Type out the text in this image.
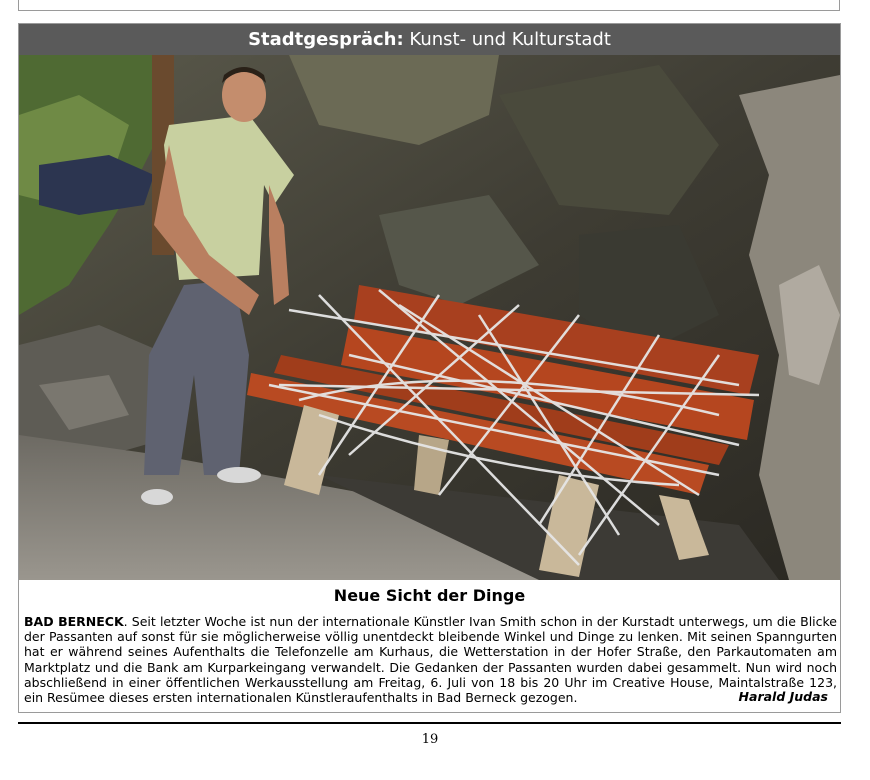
Stadtgespräch: Kunst- und Kulturstadt
Neue Sicht der Dinge

BAD BERNECK. Seit letzter Woche ist nun der internationale Künstler Ivan Smith schon in der Kurstadt unterwegs, um die Blicke der Passanten auf sonst für sie möglicherweise völlig unentdeckt bleibende Winkel und Dinge zu lenken. Mit seinen Spanngurten hat er während seines Aufenthalts die Telefonzelle am Kurhaus, die Wetterstation in der Hofer Straße, den Parkautomaten am Marktplatz und die Bank am Kurparkeingang verwandelt. Die Gedanken der Passanten wurden dabei gesammelt. Nun wird noch abschließend in einer öffentlichen Werkausstellung am Freitag, 6. Juli von 18 bis 20 Uhr im Creative House, Maintalstraße 123, ein Resümee dieses ersten internationalen Künstleraufenthalts in Bad Berneck gezogen.	Harald Judas
19
